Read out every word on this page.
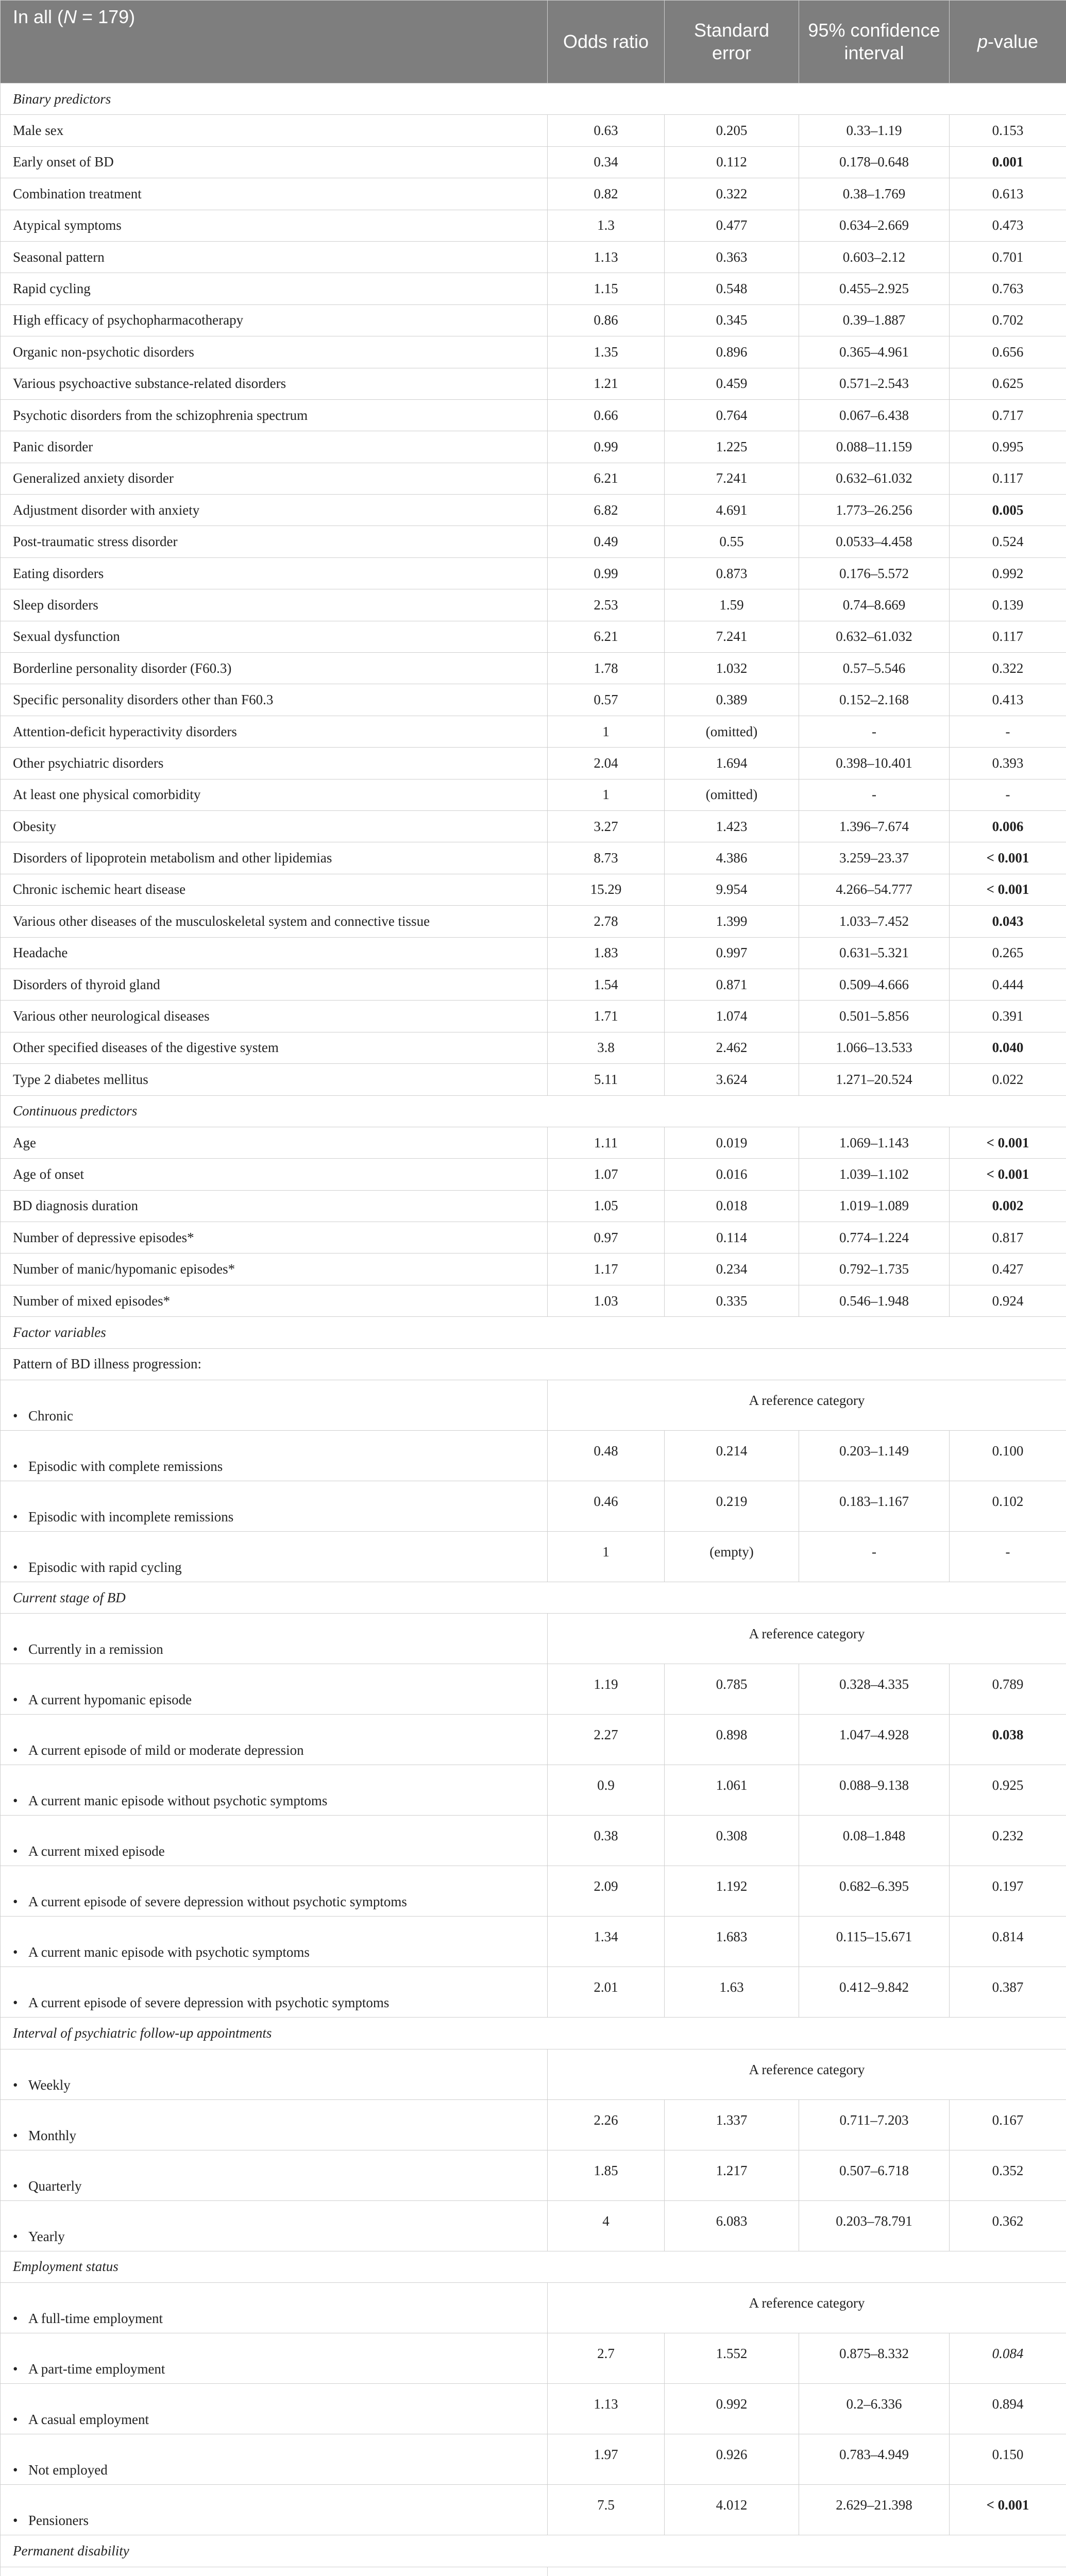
In all (N = 179)	Odds ratio	Standard error	95% confidence interval	p-value
Binary predictors				
Male sex	0.63	0.205	0.33–1.19	0.153
Early onset of BD	0.34	0.112	0.178–0.648	0.001
Combination treatment	0.82	0.322	0.38–1.769	0.613
Atypical symptoms	1.3	0.477	0.634–2.669	0.473
Seasonal pattern	1.13	0.363	0.603–2.12	0.701
Rapid cycling	1.15	0.548	0.455–2.925	0.763
High efficacy of psychopharmacotherapy	0.86	0.345	0.39–1.887	0.702
Organic non-psychotic disorders	1.35	0.896	0.365–4.961	0.656
Various psychoactive substance-related disorders	1.21	0.459	0.571–2.543	0.625
Psychotic disorders from the schizophrenia spectrum	0.66	0.764	0.067–6.438	0.717
Panic disorder	0.99	1.225	0.088–11.159	0.995
Generalized anxiety disorder	6.21	7.241	0.632–61.032	0.117
Adjustment disorder with anxiety	6.82	4.691	1.773–26.256	0.005
Post-traumatic stress disorder	0.49	0.55	0.0533–4.458	0.524
Eating disorders	0.99	0.873	0.176–5.572	0.992
Sleep disorders	2.53	1.59	0.74–8.669	0.139
Sexual dysfunction	6.21	7.241	0.632–61.032	0.117
Borderline personality disorder (F60.3)	1.78	1.032	0.57–5.546	0.322
Specific personality disorders other than F60.3	0.57	0.389	0.152–2.168	0.413
Attention-deficit hyperactivity disorders	1	(omitted)	-	-
Other psychiatric disorders	2.04	1.694	0.398–10.401	0.393
At least one physical comorbidity	1	(omitted)	-	-
Obesity	3.27	1.423	1.396–7.674	0.006
Disorders of lipoprotein metabolism and other lipidemias	8.73	4.386	3.259–23.37	< 0.001
Chronic ischemic heart disease	15.29	9.954	4.266–54.777	< 0.001
Various other diseases of the musculoskeletal system and connective tissue	2.78	1.399	1.033–7.452	0.043
Headache	1.83	0.997	0.631–5.321	0.265
Disorders of thyroid gland	1.54	0.871	0.509–4.666	0.444
Various other neurological diseases	1.71	1.074	0.501–5.856	0.391
Other specified diseases of the digestive system	3.8	2.462	1.066–13.533	0.040
Type 2 diabetes mellitus	5.11	3.624	1.271–20.524	0.022
Continuous predictors				
Age	1.11	0.019	1.069–1.143	< 0.001
Age of onset	1.07	0.016	1.039–1.102	< 0.001
BD diagnosis duration	1.05	0.018	1.019–1.089	0.002
Number of depressive episodes*	0.97	0.114	0.774–1.224	0.817
Number of manic/hypomanic episodes*	1.17	0.234	0.792–1.735	0.427
Number of mixed episodes*	1.03	0.335	0.546–1.948	0.924
Factor variables				
Pattern of BD illness progression:				
• Chronic	A reference category			
• Episodic with complete remissions	0.48	0.214	0.203–1.149	0.100
• Episodic with incomplete remissions	0.46	0.219	0.183–1.167	0.102
• Episodic with rapid cycling	1	(empty)	-	-
Current stage of BD				
• Currently in a remission	A reference category			
• A current hypomanic episode	1.19	0.785	0.328–4.335	0.789
• A current episode of mild or moderate depression	2.27	0.898	1.047–4.928	0.038
• A current manic episode without psychotic symptoms	0.9	1.061	0.088–9.138	0.925
• A current mixed episode	0.38	0.308	0.08–1.848	0.232
• A current episode of severe depression without psychotic symptoms	2.09	1.192	0.682–6.395	0.197
• A current manic episode with psychotic symptoms	1.34	1.683	0.115–15.671	0.814
• A current episode of severe depression with psychotic symptoms	2.01	1.63	0.412–9.842	0.387
Interval of psychiatric follow-up appointments				
• Weekly	A reference category			
• Monthly	2.26	1.337	0.711–7.203	0.167
• Quarterly	1.85	1.217	0.507–6.718	0.352
• Yearly	4	6.083	0.203–78.791	0.362
Employment status				
• A full-time employment	A reference category			
• A part-time employment	2.7	1.552	0.875–8.332	0.084
• A casual employment	1.13	0.992	0.2–6.336	0.894
• Not employed	1.97	0.926	0.783–4.949	0.150
• Pensioners	7.5	4.012	2.629–21.398	< 0.001
Permanent disability				
